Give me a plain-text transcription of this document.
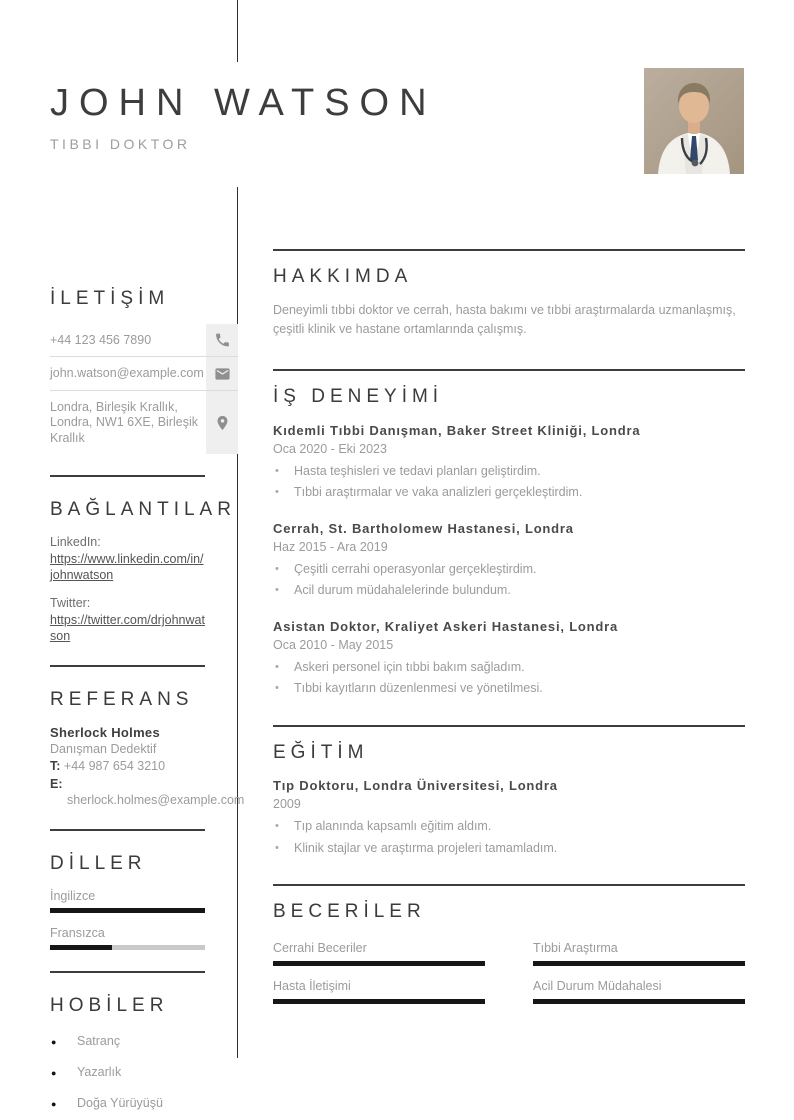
JOHN WATSON
TIBBI DOKTOR
İLETİŞİM
+44 123 456 7890
john.watson@example.com
Londra, Birleşik Krallık, Londra, NW1 6XE, Birleşik Krallık
BAĞLANTILAR
LinkedIn:
https://www.linkedin.com/in/johnwatson
Twitter:
https://twitter.com/drjohnwatson
REFERANS
Sherlock Holmes
Danışman Dedektif
T: +44 987 654 3210
E: sherlock.holmes@example.com
DİLLER
İngilizce
Fransızca
HOBİLER
● Satranç
● Yazarlık
● Doğa Yürüyüşü
HAKKIMDA

Deneyimli tıbbi doktor ve cerrah, hasta bakımı ve tıbbi araştırmalarda uzmanlaşmış, çeşitli klinik ve hastane ortamlarında çalışmış.

İŞ DENEYİMİ
Kıdemli Tıbbi Danışman, Baker Street Kliniği, Londra
Oca 2020 - Eki 2023
• Hasta teşhisleri ve tedavi planları geliştirdim.
• Tıbbi araştırmalar ve vaka analizleri gerçekleştirdim.
Cerrah, St. Bartholomew Hastanesi, Londra
Haz 2015 - Ara 2019
• Çeşitli cerrahi operasyonlar gerçekleştirdim.
• Acil durum müdahalelerinde bulundum.
Asistan Doktor, Kraliyet Askeri Hastanesi, Londra
Oca 2010 - May 2015
• Askeri personel için tıbbi bakım sağladım.
• Tıbbi kayıtların düzenlenmesi ve yönetilmesi.
EĞİTİM
Tıp Doktoru, Londra Üniversitesi, Londra
2009
• Tıp alanında kapsamlı eğitim aldım.
• Klinik stajlar ve araştırma projeleri tamamladım.
BECERİLER
Cerrahi Beceriler	Tıbbi Araştırma
Hasta İletişimi	Acil Durum Müdahalesi
